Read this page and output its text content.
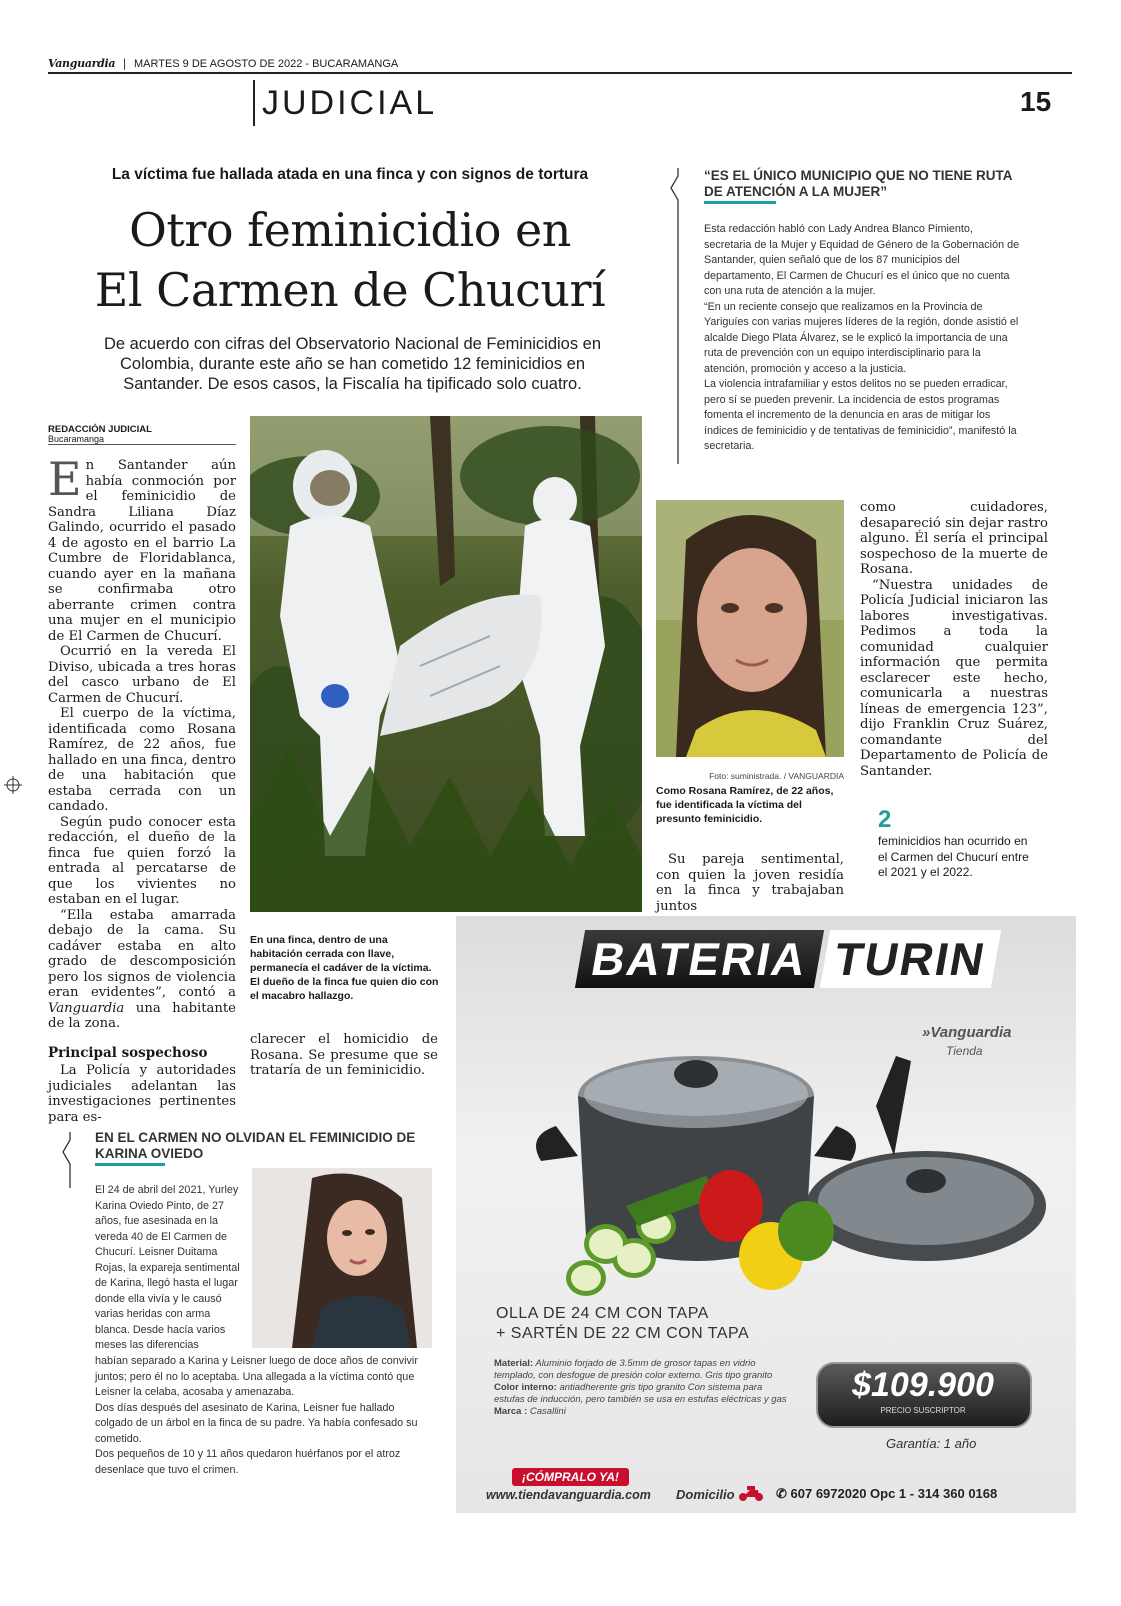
Vanguardia | MARTES 9 DE AGOSTO DE 2022 - BUCARAMANGA
JUDICIAL	15
La víctima fue hallada atada en una finca y con signos de tortura
Otro feminicidio en
El Carmen de Chucurí
De acuerdo con cifras del Observatorio Nacional de Feminicidios en Colombia, durante este año se han cometido 12 feminicidios en Santander. De esos casos, la Fiscalía ha tipificado solo cuatro.
REDACCIÓN JUDICIAL
Bucaramanga

En Santander aún había conmoción por el feminicidio de Sandra Liliana Díaz Galindo, ocurrido el pasado 4 de agosto en el barrio La Cumbre de Floridablanca, cuando ayer en la mañana se confirmaba otro aberrante crimen contra una mujer en el municipio de El Carmen de Chucurí.

Ocurrió en la vereda El Diviso, ubicada a tres horas del casco urbano de El Carmen de Chucurí.

El cuerpo de la víctima, identificada como Rosana Ramírez, de 22 años, fue hallado en una finca, dentro de una habitación que estaba cerrada con un candado.

Según pudo conocer esta redacción, el dueño de la finca fue quien forzó la entrada al percatarse de que los vivientes no estaban en el lugar.

“Ella estaba amarrada debajo de la cama. Su cadáver estaba en alto grado de descomposición pero los signos de violencia eran evidentes”, contó a Vanguardia una habitante de la zona.

Principal sospechoso

La Policía y autoridades judiciales adelantan las investigaciones pertinentes para es-

En una finca, dentro de una habitación cerrada con llave, permanecía el cadáver de la víctima. El dueño de la finca fue quien dio con el macabro hallazgo.

clarecer el homicidio de Rosana. Se presume que se trataría de un feminicidio.

“ES EL ÚNICO MUNICIPIO QUE NO TIENE RUTA DE ATENCIÓN A LA MUJER”

Esta redacción habló con Lady Andrea Blanco Pimiento, secretaria de la Mujer y Equidad de Género de la Gobernación de Santander, quien señaló que de los 87 municipios del departamento, El Carmen de Chucurí es el único que no cuenta con una ruta de atención a la mujer.

“En un reciente consejo que realizamos en la Provincia de Yariguíes con varias mujeres líderes de la región, donde asistió el alcalde Diego Plata Álvarez, se le explicó la importancia de una ruta de prevención con un equipo interdisciplinario para la atención, promoción y acceso a la justicia.

La violencia intrafamiliar y estos delitos no se pueden erradicar, pero sí se pueden prevenir. La incidencia de estos programas fomenta el incremento de la denuncia en aras de mitigar los índices de feminicidio y de tentativas de feminicidio”, manifestó la secretaria.

Foto: suministrada. / VANGUARDIA
Como Rosana Ramírez, de 22 años, fue identificada la víctima del presunto feminicidio.

Su pareja sentimental, con quien la joven residía en la finca y trabajaban juntos

como cuidadores, desapareció sin dejar rastro alguno. Él sería el principal sospechoso de la muerte de Rosana.

“Nuestra unidades de Policía Judicial iniciaron las labores investigativas. Pedimos a toda la comunidad cualquier información que permita esclarecer este hecho, comunicarla a nuestras líneas de emergencia 123”, dijo Franklin Cruz Suárez, comandante del Departamento de Policía de Santander.

2
feminicidios han ocurrido en el Carmen del Chucurí entre el 2021 y el 2022.
EN EL CARMEN NO OLVIDAN EL FEMINICIDIO DE KARINA OVIEDO
El 24 de abril del 2021, Yurley Karina Oviedo Pinto, de 27 años, fue asesinada en la vereda 40 de El Carmen de Chucurí. Leisner Duitama Rojas, la expareja sentimental de Karina, llegó hasta el lugar donde ella vivía y le causó varias heridas con arma blanca. Desde hacía varios meses las diferencias
habían separado a Karina y Leisner luego de doce años de convivir juntos; pero él no lo aceptaba. Una allegada a la víctima contó que Leisner la celaba, acosaba y amenazaba.
Dos días después del asesinato de Karina, Leisner fue hallado colgado de un árbol en la finca de su padre. Ya había confesado su cometido.
Dos pequeños de 10 y 11 años quedaron huérfanos por el atroz desenlace que tuvo el crimen.
BATERIA TURIN
»Vanguardia
Tienda
OLLA DE 24 CM CON TAPA
+ SARTÉN DE 22 CM CON TAPA
Material: Aluminio forjado de 3.5mm de grosor tapas en vidrio templado, con desfogue de presión color externo. Gris tipo granito
Color interno: antiadherente gris tipo granito Con sistema para estufas de inducción, pero también se usa en estufas eléctricas y gas
Marca : Casallini
$109.900
PRECIO SUSCRIPTOR
Garantía: 1 año
¡CÓMPRALO YA!
www.tiendavanguardia.com Domicilio	✆ 607 6972020 Opc 1 - 314 360 0168
